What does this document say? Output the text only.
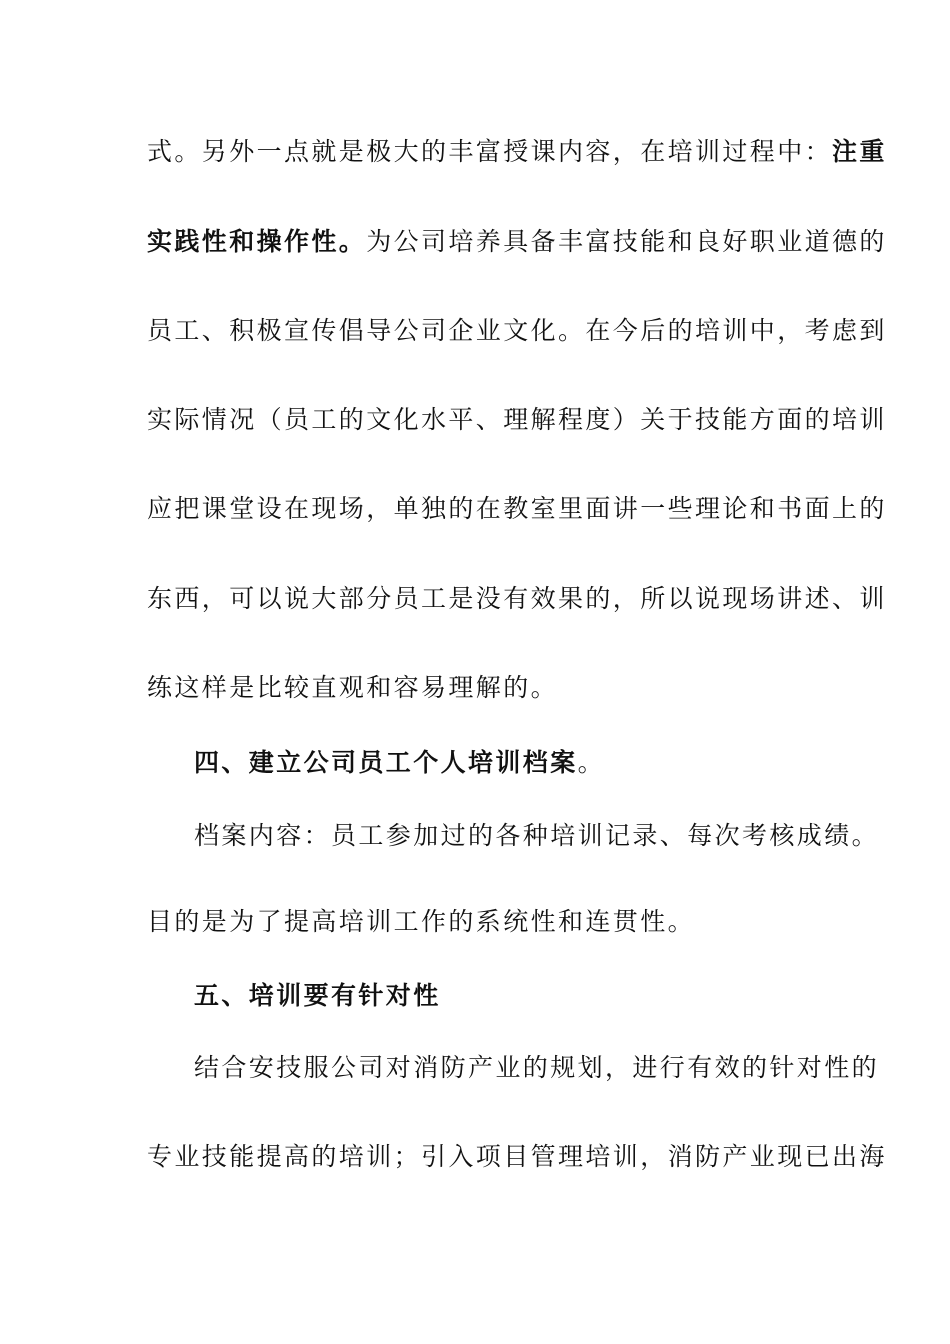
式。另外一点就是极大的丰富授课内容，在培训过程中：注重
实践性和操作性。为公司培养具备丰富技能和良好职业道德的
员工、积极宣传倡导公司企业文化。在今后的培训中，考虑到
实际情况（员工的文化水平、理解程度）关于技能方面的培训
应把课堂设在现场，单独的在教室里面讲一些理论和书面上的
东西，可以说大部分员工是没有效果的，所以说现场讲述、训
练这样是比较直观和容易理解的。
四、建立公司员工个人培训档案。
档案内容：员工参加过的各种培训记录、每次考核成绩。
目的是为了提高培训工作的系统性和连贯性。
五、培训要有针对性
结合安技服公司对消防产业的规划，进行有效的针对性的
专业技能提高的培训；引入项目管理培训，消防产业现已出海
